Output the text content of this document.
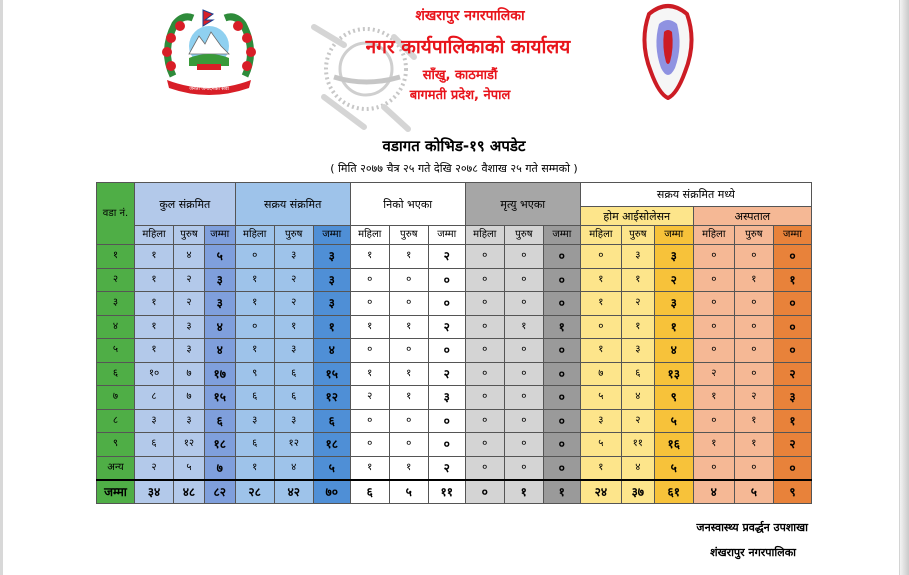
जनता जनार्दनको सेवा
शंखरापुर नगरपालिका
नगर कार्यपालिकाको कार्यालय
साँखु, काठमाडौं
बागमती प्रदेश, नेपाल
वडागत कोभिड-१९ अपडेट
( मिति २०७७ चैत्र २५ गते देखि २०७८ वैशाख २५ गते सम्मको )
वडा नं.	कुल संक्रमित			सक्रय संक्रमित			निको भएका			मृत्यु भएका			सक्रय संक्रमित मध्ये					
													होम आईसोलेसन			अस्पताल		
	महिला	पुरुष	जम्मा	महिला	पुरुष	जम्मा	महिला	पुरुष	जम्मा	महिला	पुरुष	जम्मा	महिला	पुरुष	जम्मा	महिला	पुरुष	जम्मा
१	१	४	५	०	३	३	१	१	२	०	०	०	०	३	३	०	०	०
२	१	२	३	१	२	३	०	०	०	०	०	०	१	१	२	०	१	१
३	१	२	३	१	२	३	०	०	०	०	०	०	१	२	३	०	०	०
४	१	३	४	०	१	१	१	१	२	०	१	१	०	१	१	०	०	०
५	१	३	४	१	३	४	०	०	०	०	०	०	१	३	४	०	०	०
६	१०	७	१७	९	६	१५	१	१	२	०	०	०	७	६	१३	२	०	२
७	८	७	१५	६	६	१२	२	१	३	०	०	०	५	४	९	१	२	३
८	३	३	६	३	३	६	०	०	०	०	०	०	३	२	५	०	१	१
९	६	१२	१८	६	१२	१८	०	०	०	०	०	०	५	११	१६	१	१	२
अन्य	२	५	७	१	४	५	१	१	२	०	०	०	१	४	५	०	०	०
जम्मा	३४	४८	८२	२८	४२	७०	६	५	११	०	१	१	२४	३७	६१	४	५	९
जनस्वास्थ्य प्रवर्द्धन उपशाखा
शंखरापुर नगरपालिका
